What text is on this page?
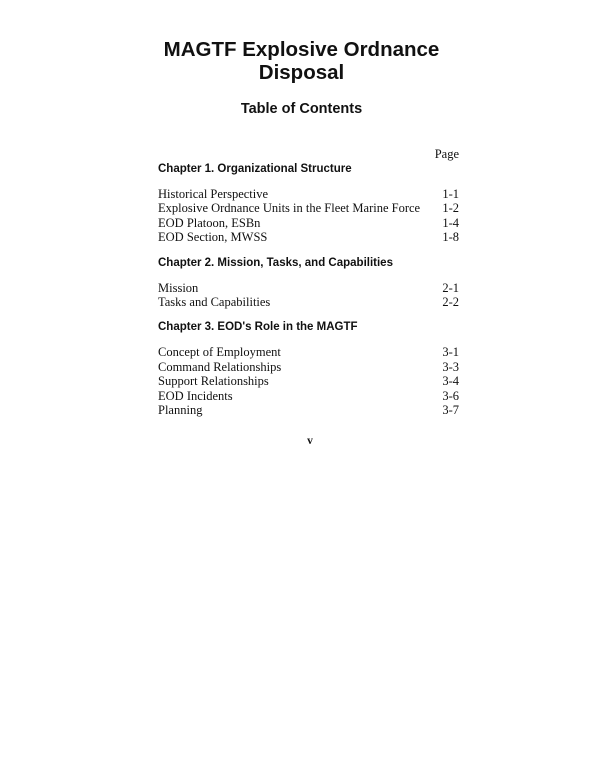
MAGTF Explosive Ordnance
Disposal
Table of Contents
Page
Chapter 1. Organizational Structure
Historical Perspective	1-1
Explosive Ordnance Units in the Fleet Marine Force 1-2
EOD Platoon, ESBn	1-4
EOD Section, MWSS	1-8
Chapter 2. Mission, Tasks, and Capabilities
Mission	2-1
Tasks and Capabilities	2-2
Chapter 3. EOD's Role in the MAGTF
Concept of Employment	3-1
Command Relationships	3-3
Support Relationships	3-4
EOD Incidents	3-6
Planning	3-7
v
